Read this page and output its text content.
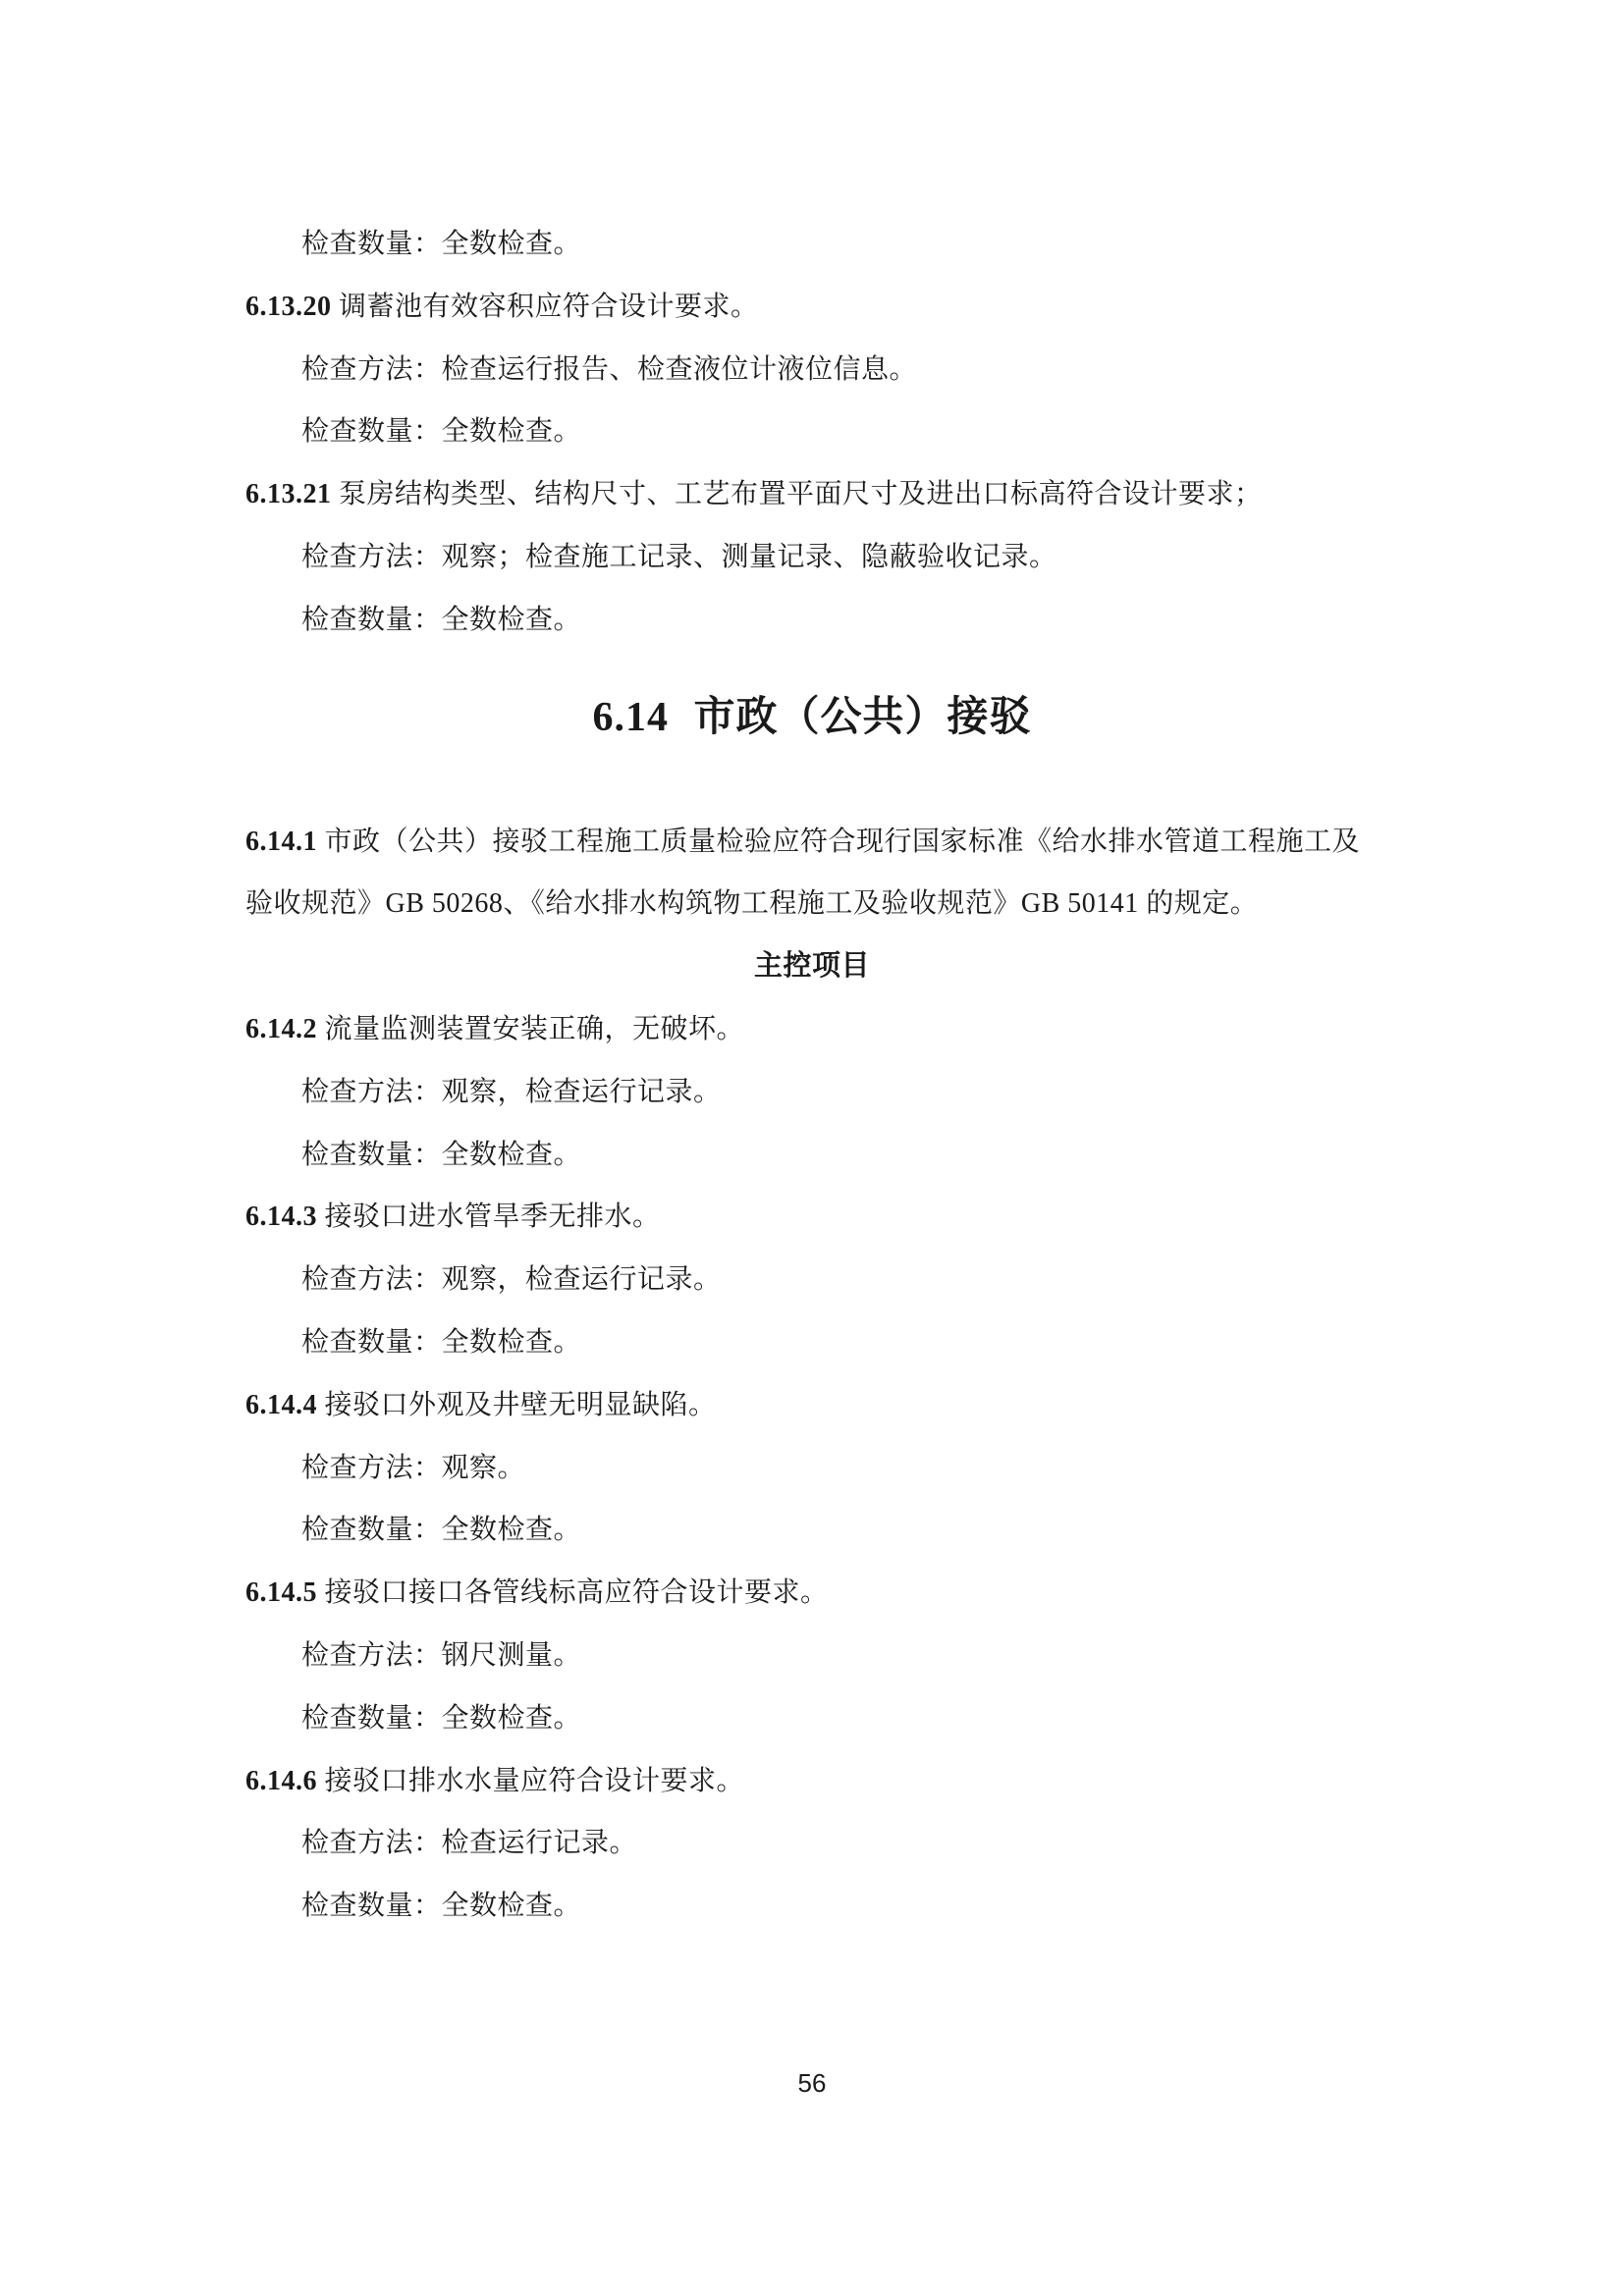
检查数量：全数检查。
6.13.20 调蓄池有效容积应符合设计要求。
检查方法：检查运行报告、检查液位计液位信息。
检查数量：全数检查。
6.13.21 泵房结构类型、结构尺寸、工艺布置平面尺寸及进出口标高符合设计要求；
检查方法：观察；检查施工记录、测量记录、隐蔽验收记录。
检查数量：全数检查。
6.14 市政（公共）接驳
6.14.1 市政（公共）接驳工程施工质量检验应符合现行国家标准《给水排水管道工程施工及
验收规范》GB 50268、《给水排水构筑物工程施工及验收规范》GB 50141 的规定。
主控项目
6.14.2 流量监测装置安装正确，无破坏。
检查方法：观察，检查运行记录。
检查数量：全数检查。
6.14.3 接驳口进水管旱季无排水。
检查方法：观察，检查运行记录。
检查数量：全数检查。
6.14.4 接驳口外观及井壁无明显缺陷。
检查方法：观察。
检查数量：全数检查。
6.14.5 接驳口接口各管线标高应符合设计要求。
检查方法：钢尺测量。
检查数量：全数检查。
6.14.6 接驳口排水水量应符合设计要求。
检查方法：检查运行记录。
检查数量：全数检查。
56
